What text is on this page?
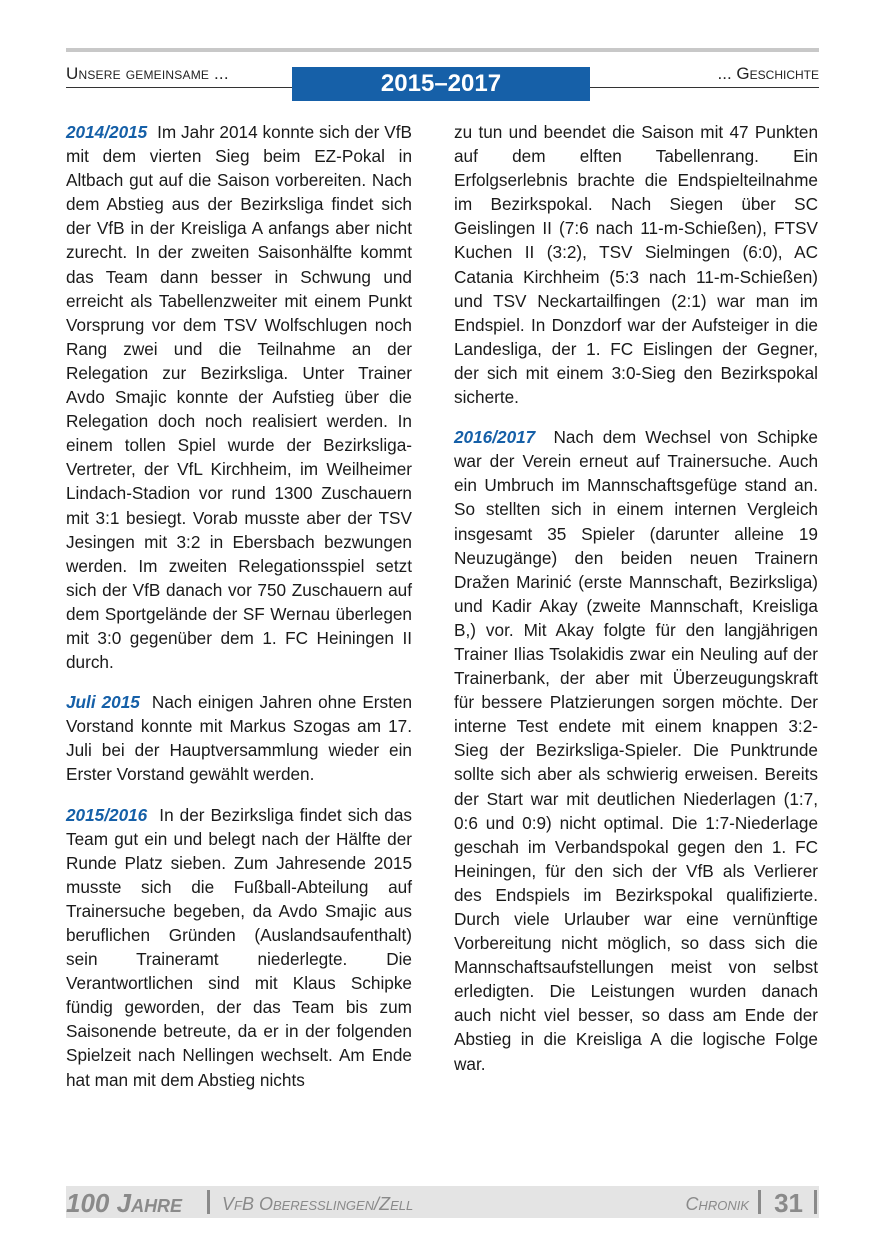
Unsere gemeinsame ...	... Geschichte
2015–2017

2014/2015 Im Jahr 2014 konnte sich der VfB mit dem vierten Sieg beim EZ-Pokal in Altbach gut auf die Saison vorbereiten. Nach dem Abstieg aus der Bezirksliga findet sich der VfB in der Kreisliga A anfangs aber nicht zurecht. In der zweiten Saisonhälfte kommt das Team dann besser in Schwung und erreicht als Tabellenzweiter mit einem Punkt Vorsprung vor dem TSV Wolfschlugen noch Rang zwei und die Teilnahme an der Relegation zur Bezirksliga. Unter Trainer Avdo Smajic konnte der Aufstieg über die Relegation doch noch realisiert werden. In einem tollen Spiel wurde der Bezirksliga-Vertreter, der VfL Kirchheim, im Weilheimer Lindach-Stadion vor rund 1300 Zuschauern mit 3:1 besiegt. Vorab musste aber der TSV Jesingen mit 3:2 in Ebersbach bezwungen werden. Im zweiten Relegationsspiel setzt sich der VfB danach vor 750 Zuschauern auf dem Sportgelände der SF Wernau überlegen mit 3:0 gegenüber dem 1. FC Heiningen II durch.

Juli 2015 Nach einigen Jahren ohne Ersten Vorstand konnte mit Markus Szogas am 17. Juli bei der Hauptversammlung wieder ein Erster Vorstand gewählt werden.

2015/2016 In der Bezirksliga findet sich das Team gut ein und belegt nach der Hälfte der Runde Platz sieben. Zum Jahresende 2015 musste sich die Fußball-Abteilung auf Trainersuche begeben, da Avdo Smajic aus beruflichen Gründen (Auslandsaufenthalt) sein Traineramt niederlegte. Die Verantwortlichen sind mit Klaus Schipke fündig geworden, der das Team bis zum Saisonende betreute, da er in der folgenden Spielzeit nach Nellingen wechselt. Am Ende hat man mit dem Abstieg nichts

zu tun und beendet die Saison mit 47 Punkten auf dem elften Tabellenrang. Ein Erfolgserlebnis brachte die Endspielteilnahme im Bezirkspokal. Nach Siegen über SC Geislingen II (7:6 nach 11-m-Schießen), FTSV Kuchen II (3:2), TSV Sielmingen (6:0), AC Catania Kirchheim (5:3 nach 11-m-Schießen) und TSV Neckartailfingen (2:1) war man im Endspiel. In Donzdorf war der Aufsteiger in die Landesliga, der 1. FC Eislingen der Gegner, der sich mit einem 3:0-Sieg den Bezirkspokal sicherte.

2016/2017 Nach dem Wechsel von Schipke war der Verein erneut auf Trainersuche. Auch ein Umbruch im Mannschaftsgefüge stand an. So stellten sich in einem internen Vergleich insgesamt 35 Spieler (darunter alleine 19 Neuzugänge) den beiden neuen Trainern Dražen Marinić (erste Mannschaft, Bezirksliga) und Kadir Akay (zweite Mannschaft, Kreisliga B,) vor. Mit Akay folgte für den langjährigen Trainer Ilias Tsolakidis zwar ein Neuling auf der Trainerbank, der aber mit Überzeugungskraft für bessere Platzierungen sorgen möchte. Der interne Test endete mit einem knappen 3:2-Sieg der Bezirksliga-Spieler. Die Punktrunde sollte sich aber als schwierig erweisen. Bereits der Start war mit deutlichen Niederlagen (1:7, 0:6 und 0:9) nicht optimal. Die 1:7-Niederlage geschah im Verbandspokal gegen den 1. FC Heiningen, für den sich der VfB als Verlierer des Endspiels im Bezirkspokal qualifizierte. Durch viele Urlauber war eine vernünftige Vorbereitung nicht möglich, so dass sich die Mannschaftsaufstellungen meist von selbst erledigten. Die Leistungen wurden danach auch nicht viel besser, so dass am Ende der Abstieg in die Kreisliga A die logische Folge war.

100 Jahre VfB Oberesslingen/Zell	Chronik 31
